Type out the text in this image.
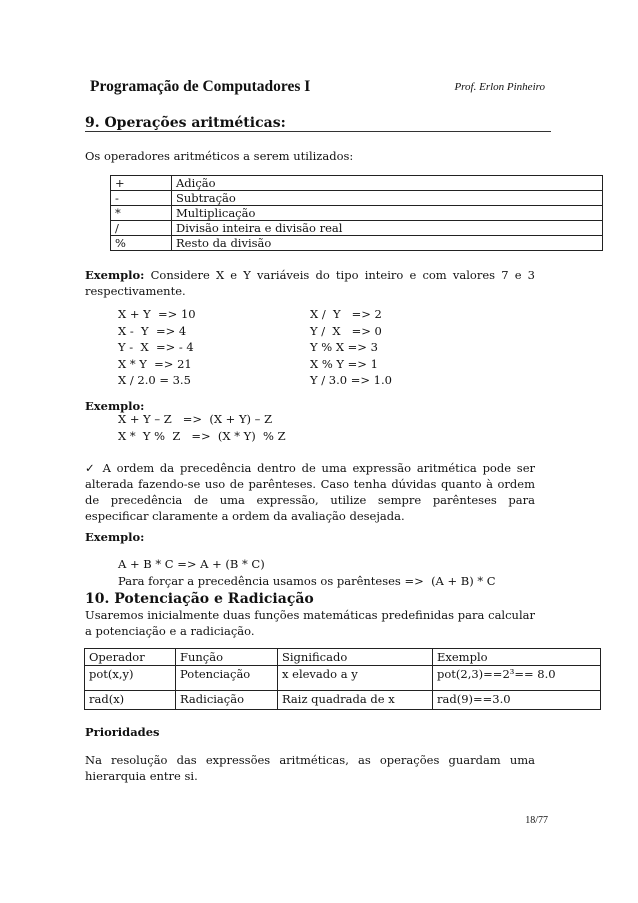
Programação de Computadores I	Prof. Erlon Pinheiro
9. Operações aritméticas:
Os operadores aritméticos a serem utilizados:
+	Adição
-	Subtração
*	Multiplicação
/	Divisão inteira e divisão real
%	Resto da divisão
Exemplo: Considere X e Y variáveis do tipo inteiro e com valores 7 e 3 respectivamente.
X + Y  => 10
X -  Y  => 4
Y -  X  => - 4
X * Y  => 21
X / 2.0 = 3.5
X /  Y   => 2
Y /  X   => 0
Y % X => 3
X % Y => 1
Y / 3.0 => 1.0
Exemplo:
X + Y – Z   =>  (X + Y) – Z
X *  Y %  Z   =>  (X * Y)  % Z
✓ A ordem da precedência dentro de uma expressão aritmética pode ser alterada fazendo-se uso de parênteses. Caso tenha dúvidas quanto à ordem de precedência de uma expressão, utilize sempre parênteses para especificar claramente a ordem da avaliação desejada.
Exemplo:
A + B * C => A + (B * C)
Para forçar a precedência usamos os parênteses =>  (A + B) * C
10. Potenciação e Radiciação
Usaremos inicialmente duas funções matemáticas predefinidas para calcular a potenciação e a radiciação.
Operador	Função	Significado	Exemplo
pot(x,y)	Potenciação	x elevado a y	pot(2,3)==2³== 8.0
rad(x)	Radiciação	Raiz quadrada de x	rad(9)==3.0
Prioridades
Na resolução das expressões aritméticas, as operações guardam uma hierarquia entre si.
18/77
